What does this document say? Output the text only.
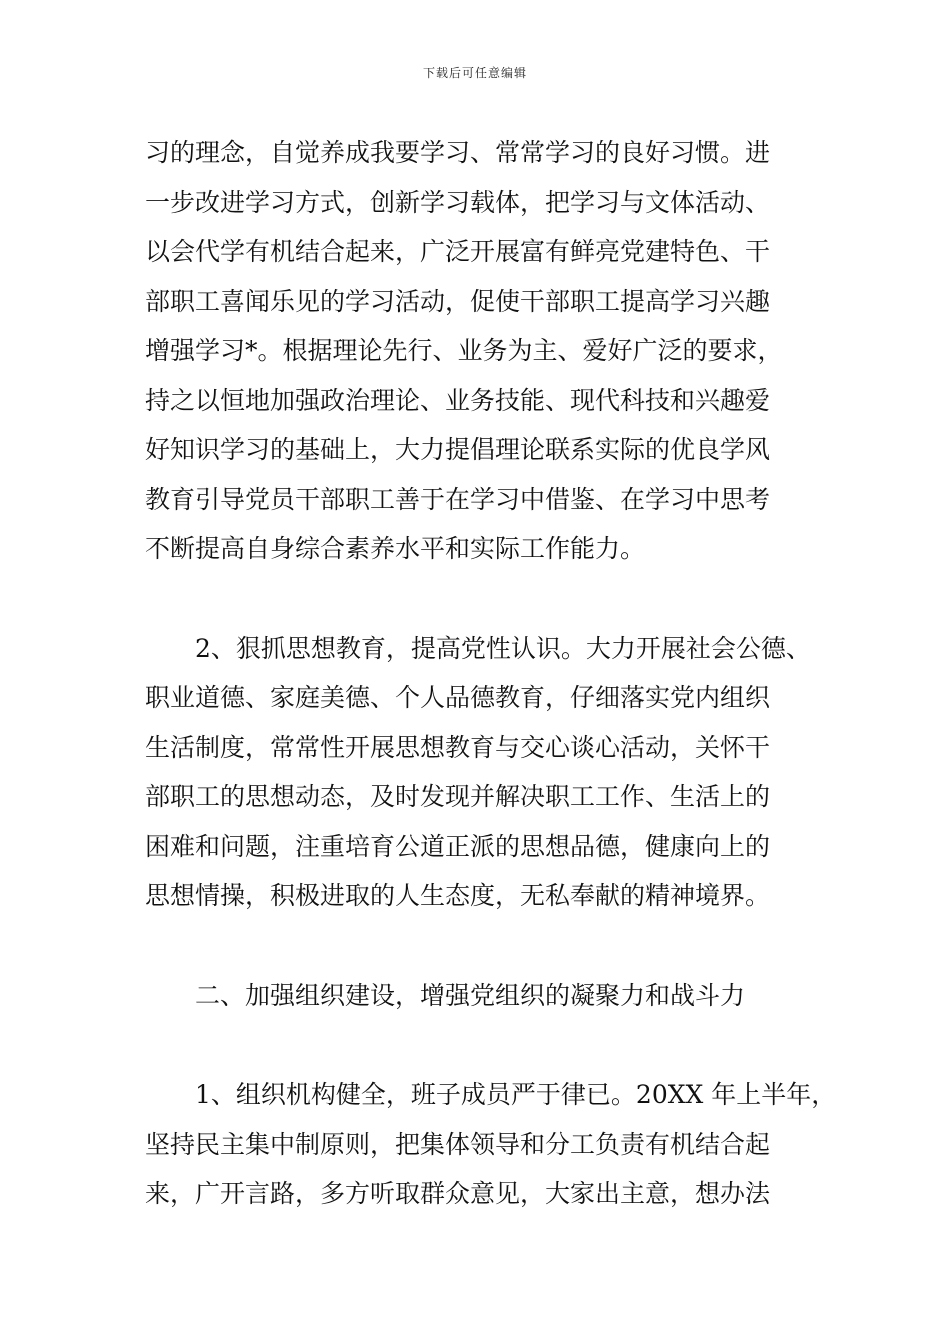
下载后可任意编辑
习的理念，自觉养成我要学习、常常学习的良好习惯。进
一步改进学习方式，创新学习载体，把学习与文体活动、
以会代学有机结合起来，广泛开展富有鲜亮党建特色、干
部职工喜闻乐见的学习活动，促使干部职工提高学习兴趣
增强学习*。根据理论先行、业务为主、爱好广泛的要求，
持之以恒地加强政治理论、业务技能、现代科技和兴趣爱
好知识学习的基础上，大力提倡理论联系实际的优良学风
教育引导党员干部职工善于在学习中借鉴、在学习中思考
不断提高自身综合素养水平和实际工作能力。
2、狠抓思想教育，提高党性认识。大力开展社会公德、
职业道德、家庭美德、个人品德教育，仔细落实党内组织
生活制度，常常性开展思想教育与交心谈心活动，关怀干
部职工的思想动态，及时发现并解决职工工作、生活上的
困难和问题，注重培育公道正派的思想品德，健康向上的
思想情操，积极进取的人生态度，无私奉献的精神境界。
二、加强组织建设，增强党组织的凝聚力和战斗力
1、组织机构健全，班子成员严于律已。20XX 年上半年，
坚持民主集中制原则，把集体领导和分工负责有机结合起
来，广开言路，多方听取群众意见，大家出主意，想办法
